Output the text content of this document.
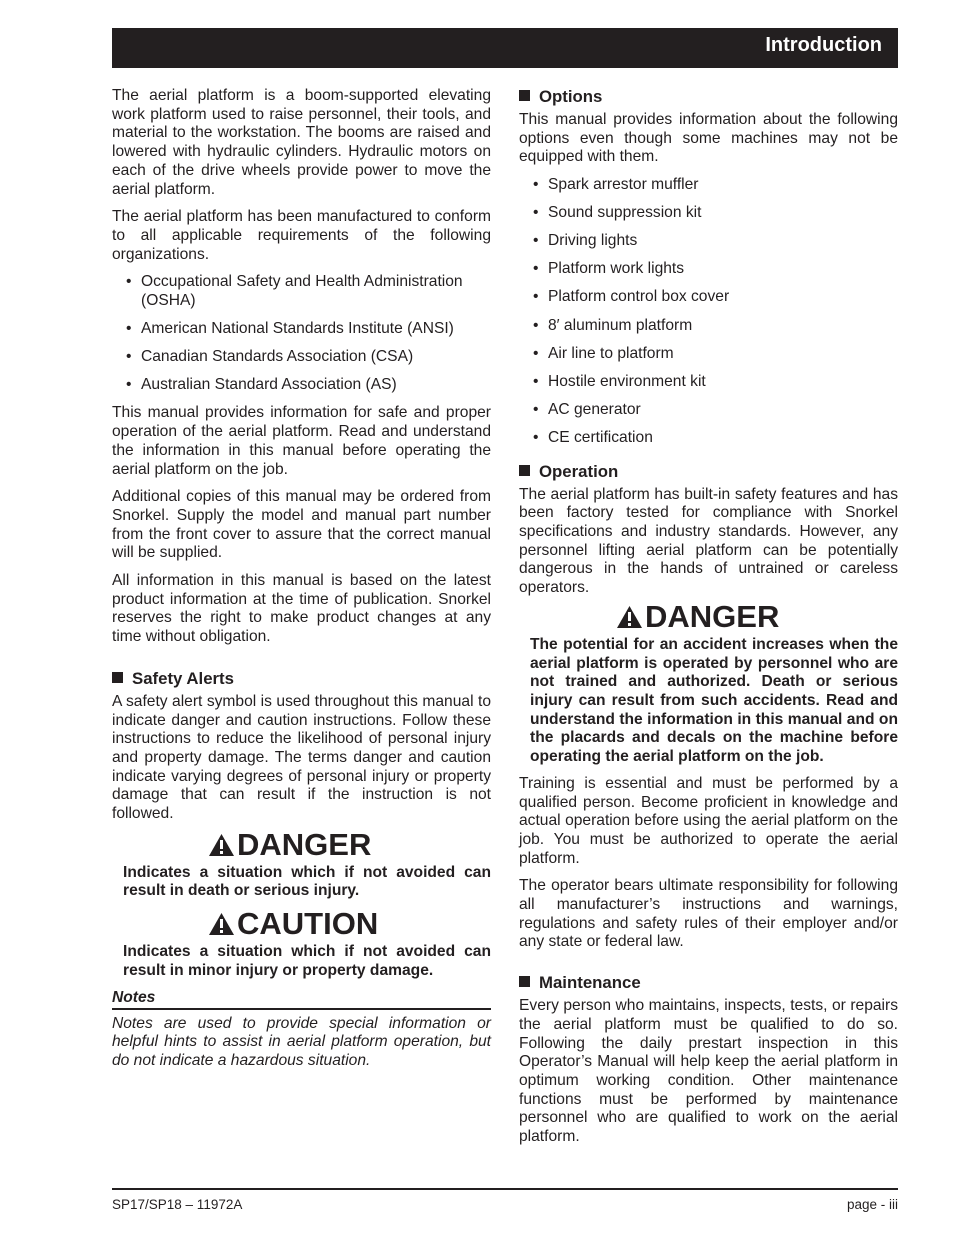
Introduction

The aerial platform is a boom-supported elevating work platform used to raise personnel, their tools, and material to the workstation. The booms are raised and lowered with hydraulic cylinders. Hydraulic motors on each of the drive wheels provide power to move the aerial platform.

The aerial platform has been manufactured to conform to all applicable requirements of the following organizations.

• Occupational Safety and Health Administration (OSHA)
• American National Standards Institute (ANSI)
• Canadian Standards Association (CSA)
• Australian Standard Association (AS)

This manual provides information for safe and proper operation of the aerial platform. Read and understand the information in this manual before operating the aerial platform on the job.

Additional copies of this manual may be ordered from Snorkel. Supply the model and manual part number from the front cover to assure that the correct manual will be supplied.

All information in this manual is based on the latest product information at the time of publication. Snorkel reserves the right to make product changes at any time without obligation.

Safety Alerts

A safety alert symbol is used throughout this manual to indicate danger and caution instructions. Follow these instructions to reduce the likelihood of personal injury and property damage. The terms danger and caution indicate varying degrees of personal injury or property damage that can result if the instruction is not followed.

DANGER
Indicates a situation which if not avoided can result in death or serious injury.
CAUTION
Indicates a situation which if not avoided can result in minor injury or property damage.
Notes
Notes are used to provide special information or helpful hints to assist in aerial platform operation, but do not indicate a hazardous situation.
Options

This manual provides information about the following options even though some machines may not be equipped with them.

• Spark arrestor muffler
• Sound suppression kit
• Driving lights
• Platform work lights
• Platform control box cover
• 8′ aluminum platform
• Air line to platform
• Hostile environment kit
• AC generator
• CE certification
Operation

The aerial platform has built-in safety features and has been factory tested for compliance with Snorkel specifications and industry standards. However, any personnel lifting aerial platform can be potentially dangerous in the hands of untrained or careless operators.

DANGER
The potential for an accident increases when the aerial platform is operated by personnel who are not trained and authorized. Death or serious injury can result from such accidents. Read and understand the information in this manual and on the placards and decals on the machine before operating the aerial platform on the job.

Training is essential and must be performed by a qualified person. Become proficient in knowledge and actual operation before using the aerial platform on the job. You must be authorized to operate the aerial platform.

The operator bears ultimate responsibility for following all manufacturer’s instructions and warnings, regulations and safety rules of their employer and/or any state or federal law.

Maintenance

Every person who maintains, inspects, tests, or repairs the aerial platform must be qualified to do so. Following the daily prestart inspection in this Operator’s Manual will help keep the aerial platform in optimum working condition. Other maintenance functions must be performed by maintenance personnel who are qualified to work on the aerial platform.

SP17/SP18 – 11972A	page - iii
